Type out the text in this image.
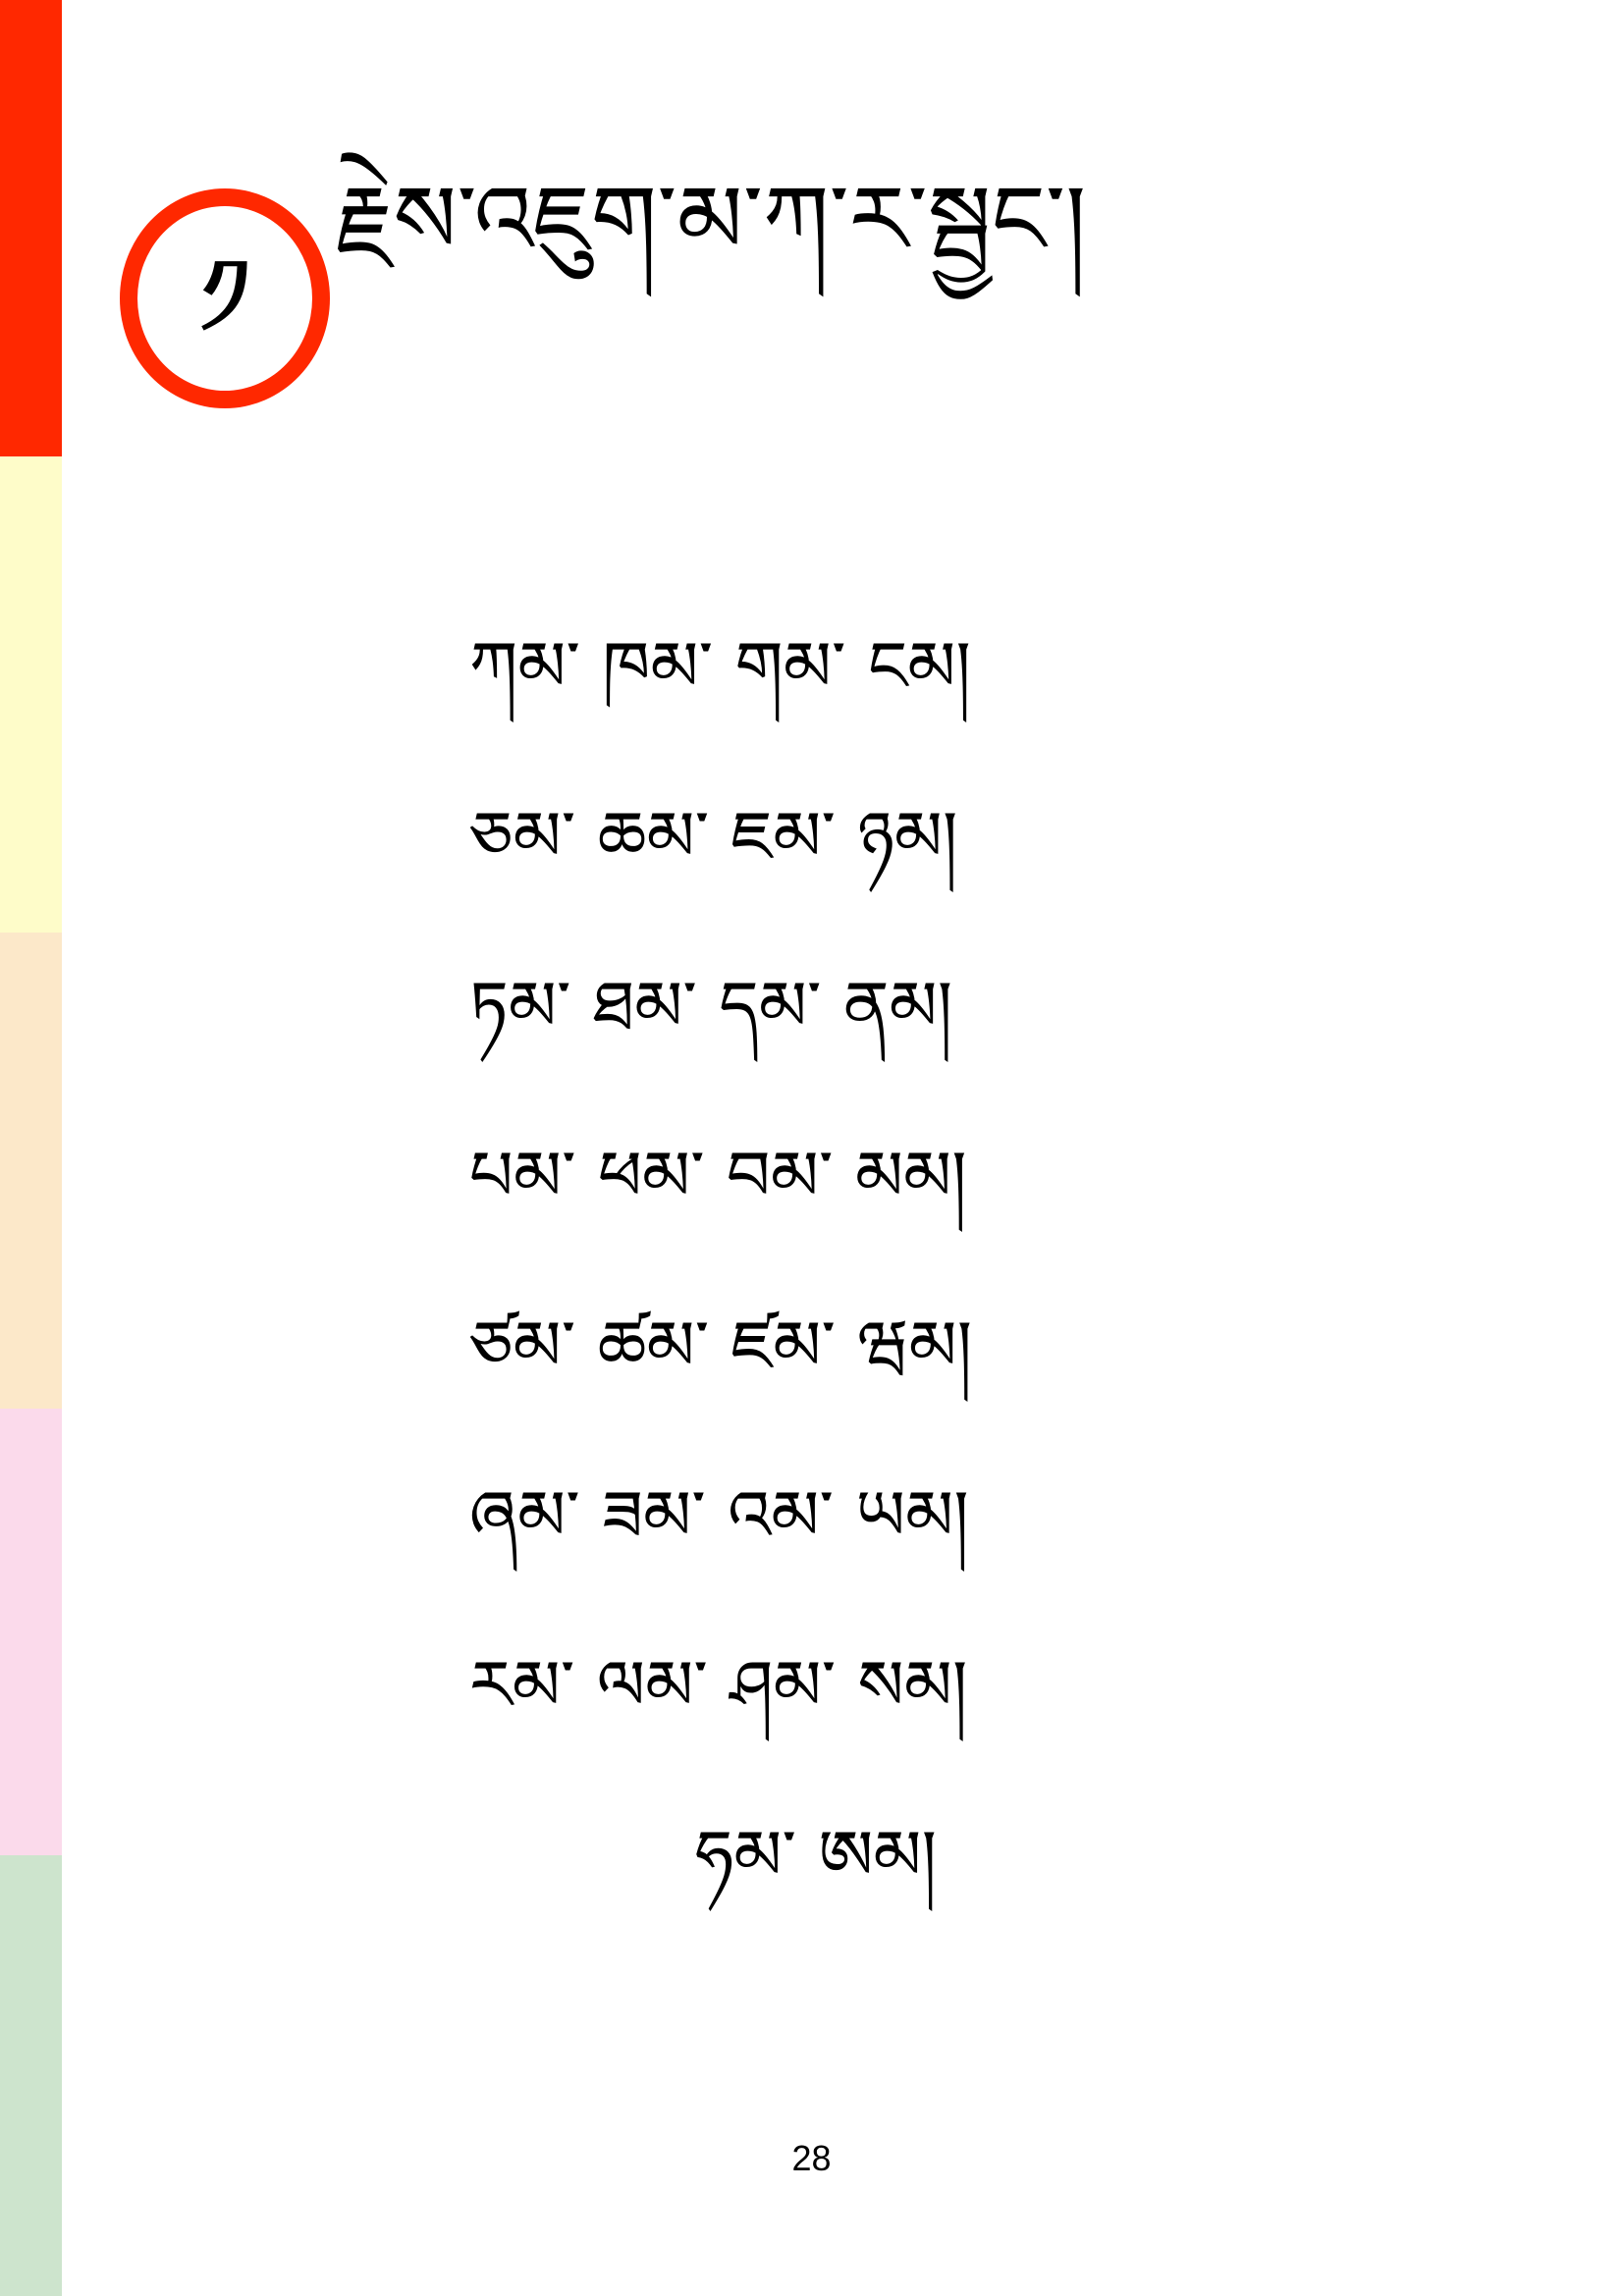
༡
རྗེས་འཇུག་མ་ཀ་ར་སྦྱང་།
ཀམ་ ཁམ་ གམ་ ངམ།
ཅམ་ ཆམ་ ཇམ་ ཉམ།
ཏམ་ ཐམ་ དམ་ ནམ།
པམ་ ཕམ་ བམ་ མམ།
ཙམ་ ཚམ་ ཛམ་ ཝམ།
ཞམ་ ཟམ་ འམ་ ཡམ།
རམ་ ལམ་ ཤམ་ སམ།
ཧམ་ ཨམ།
28
